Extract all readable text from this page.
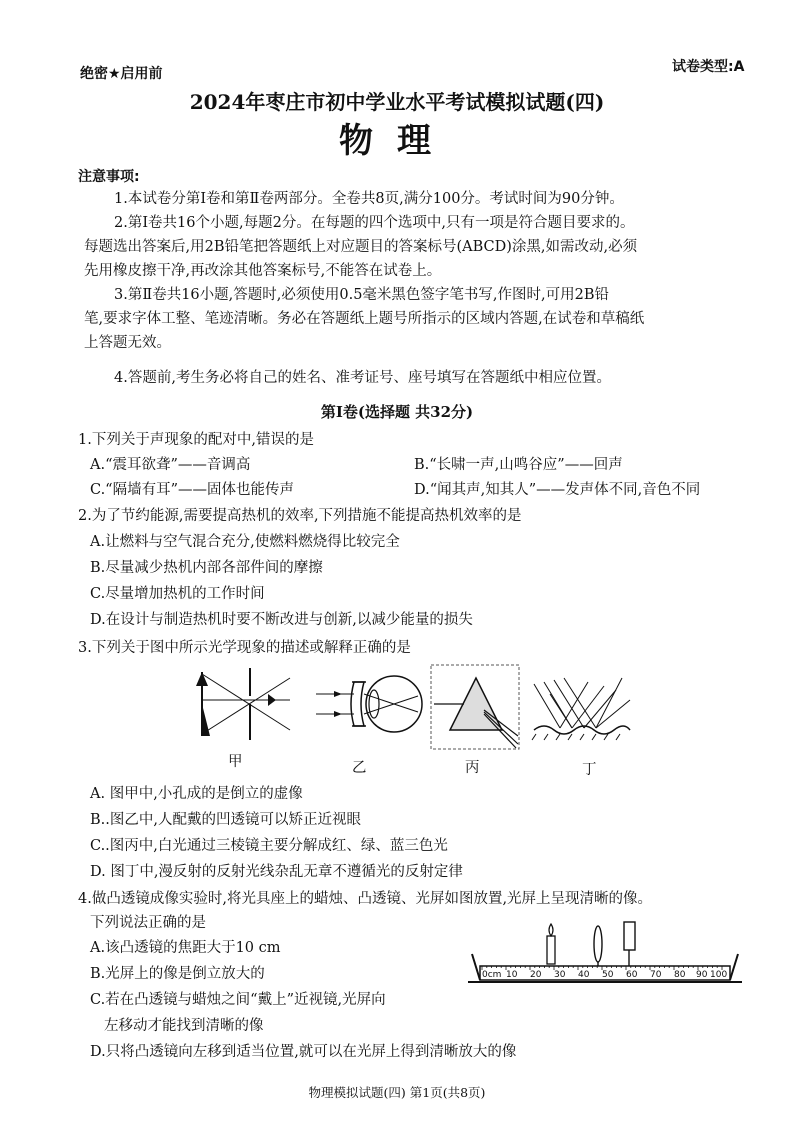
绝密★启用前	试卷类型:A
2024年枣庄市初中学业水平考试模拟试题(四)
物理
注意事项:
1.本试卷分第Ⅰ卷和第Ⅱ卷两部分。全卷共8页,满分100分。考试时间为90分钟。
2.第Ⅰ卷共16个小题,每题2分。在每题的四个选项中,只有一项是符合题目要求的。
每题选出答案后,用2B铅笔把答题纸上对应题目的答案标号(ABCD)涂黑,如需改动,必须
先用橡皮擦干净,再改涂其他答案标号,不能答在试卷上。
3.第Ⅱ卷共16小题,答题时,必须使用0.5毫米黑色签字笔书写,作图时,可用2B铅
笔,要求字体工整、笔迹清晰。务必在答题纸上题号所指示的区域内答题,在试卷和草稿纸
上答题无效。
4.答题前,考生务必将自己的姓名、准考证号、座号填写在答题纸中相应位置。
第Ⅰ卷(选择题 共32分)
1.下列关于声现象的配对中,错误的是
A.“震耳欲聋”——音调高	B.“长啸一声,山鸣谷应”——回声
C.“隔墙有耳”——固体也能传声	D.“闻其声,知其人”——发声体不同,音色不同
2.为了节约能源,需要提高热机的效率,下列措施不能提高热机效率的是
A.让燃料与空气混合充分,使燃料燃烧得比较完全
B.尽量减少热机内部各部件间的摩擦
C.尽量增加热机的工作时间
D.在设计与制造热机时要不断改进与创新,以减少能量的损失
3.下列关于图中所示光学现象的描述或解释正确的是
甲	乙	丙	丁
A. 图甲中,小孔成的是倒立的虚像
B..图乙中,人配戴的凹透镜可以矫正近视眼
C..图丙中,白光通过三棱镜主要分解成红、绿、蓝三色光
D. 图丁中,漫反射的反射光线杂乱无章不遵循光的反射定律
4.做凸透镜成像实验时,将光具座上的蜡烛、凸透镜、光屏如图放置,光屏上呈现清晰的像。
下列说法正确的是
A.该凸透镜的焦距大于10 cm
B.光屏上的像是倒立放大的
C.若在凸透镜与蜡烛之间“戴上”近视镜,光屏向
左移动才能找到清晰的像
D.只将凸透镜向左移到适当位置,就可以在光屏上得到清晰放大的像
0cm 10 20 30 40 50 60 70 80 90 100
物理模拟试题(四) 第1页(共8页)
